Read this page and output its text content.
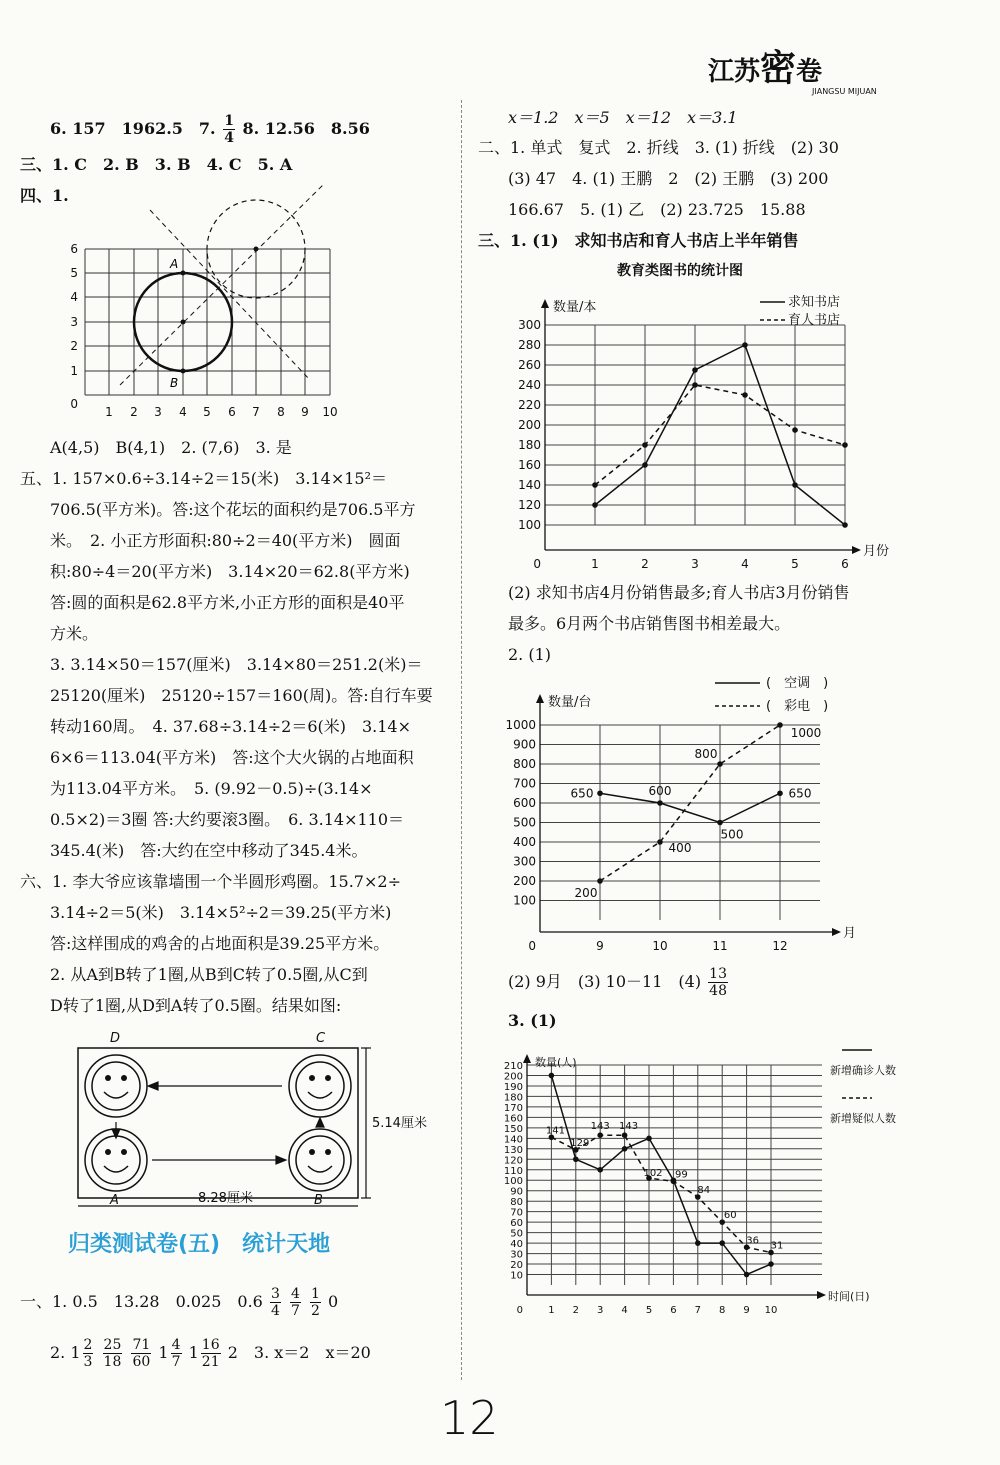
江苏密卷
JIANGSU MIJUAN
6. 157　1962.5　7. $\frac{1}{4} 8$. 12.56　8.56
三、1. C　2. B　3. B　4. C　5. A
四、1.
6
5
4
3
2
1
0
1 2 3 4 5 6 7 8 9 10
A
B
A(4,5)　B(4,1)　2. (7,6)　3. 是
五、1. 157×0.6÷3.14÷2＝15(米)　3.14×15²＝
706.5(平方米)。答:这个花坛的面积约是706.5平方
米。　2. 小正方形面积:80÷2＝40(平方米)　圆面
积:80÷4＝20(平方米)　3.14×20＝62.8(平方米)
答:圆的面积是62.8平方米,小正方形的面积是40平
方米。
3. 3.14×50＝157(厘米)　3.14×80＝251.2(米)＝
25120(厘米)　25120÷157＝160(周)。答:自行车要
转动160周。　4. 37.68÷3.14÷2＝6(米)　3.14×
6×6＝113.04(平方米)　答:这个大火锅的占地面积
为113.04平方米。　5. (9.92－0.5)÷(3.14×
0.5×2)＝3圈 答:大约要滚3圈。　6. 3.14×110＝
345.4(米)　答:大约在空中移动了345.4米。
六、1. 李大爷应该靠墙围一个半圆形鸡圈。15.7×2÷
3.14÷2＝5(米)　3.14×5²÷2＝39.25(平方米)
答:这样围成的鸡舍的占地面积是39.25平方米。
2. 从A到B转了1圈,从B到C转了0.5圈,从C到
D转了1圈,从D到A转了0.5圈。结果如图:
D	C
A	B
5.14厘米
8.28厘米
归类测试卷(五)　统计天地
一、1. 0.5　13.28　0.025　$0.6 \frac{3}{4}$
$\frac{4}{7}$
$\frac{1}{2} 0$
2. $1 \frac{2}{3}$
$\frac{25}{18}$
$\frac{71}{60} 1 \frac{4}{7} 1 \frac{16}{21} 2$　3. x＝2　x＝20
x＝1.2　x＝5　x＝12　x＝3.1
二、1. 单式　复式　2. 折线　3. (1) 折线　(2) 30
(3) 47　4. (1) 王鹏　2　(2) 王鹏　(3) 200
166.67　5. (1) 乙　(2) 23.725　15.88
三、1. (1)　求知书店和育人书店上半年销售
100
120
140
160
180
200
220
240
260
280
300
1	2	3	4	5	6
0
数量/本
月份
教育类图书的统计图
求知书店
育人书店
(2) 求知书店4月份销售最多;育人书店3月份销售
最多。6月两个书店销售图书相差最大。
2. (1)
100
200
300
400
500
600
700
800
900
1000
9	10	11	12
0
数量/台
月
650	600
500
650
200
400
800
1000
(　空调　)
(　彩电　)
(2) 9月　(3) 10－11　$(4) \frac{13}{48}$
3. (1)
10
20
30
40
50
60
70
80
90
100
110
120
130
140
150
160
170
180
190
200
210
1 2 3 4 5 6 7 8 9 10
0
数量(人)
时间(日)
141
129
143 143
102 99
84
60
36 31
新增确诊人数
新增疑似人数
12
